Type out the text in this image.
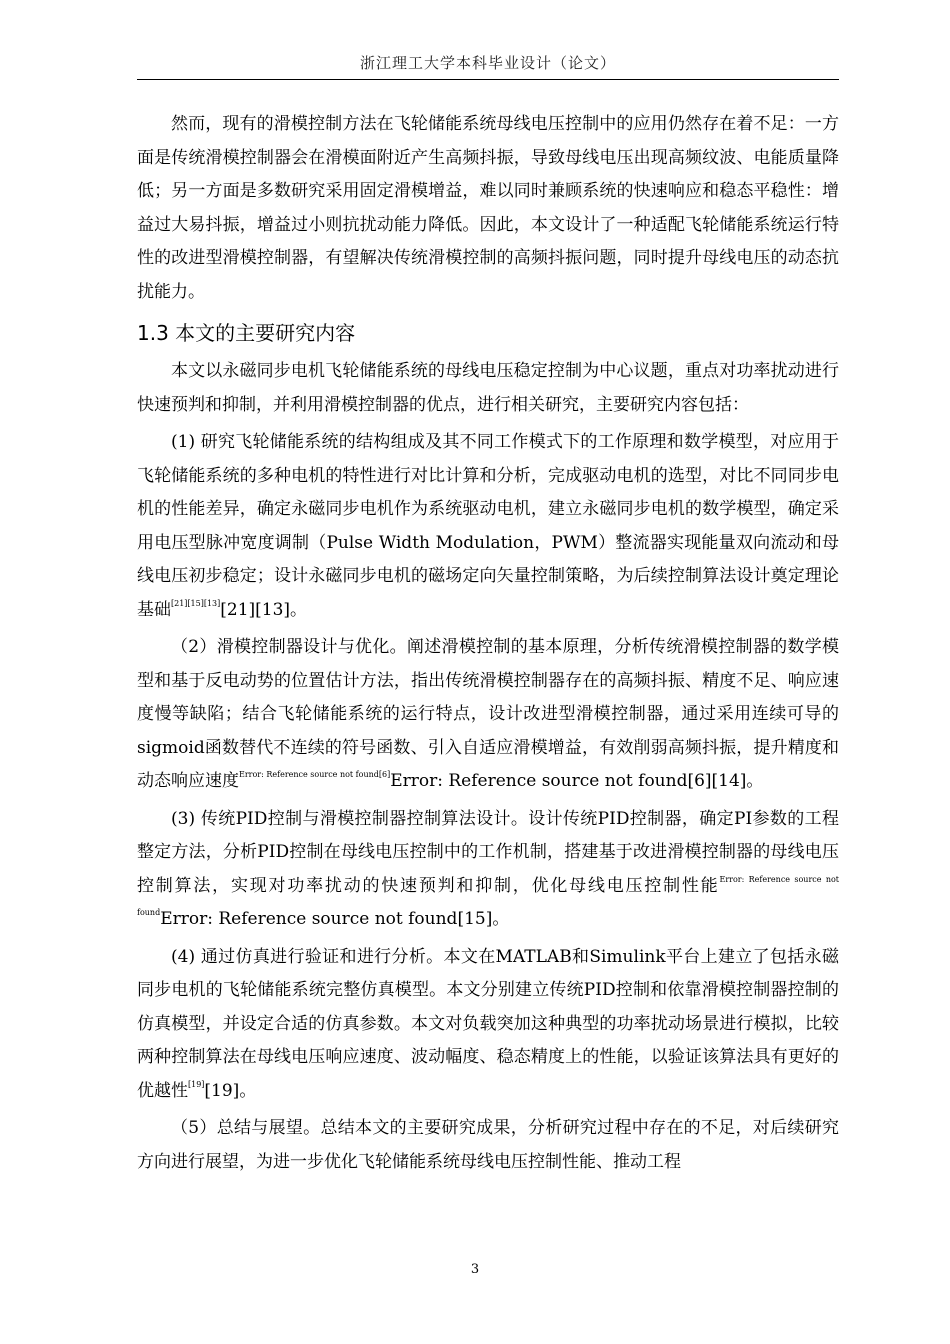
浙江理工大学本科毕业设计（论文）

然而，现有的滑模控制方法在飞轮储能系统母线电压控制中的应用仍然存在着不足：一方面是传统滑模控制器会在滑模面附近产生高频抖振，导致母线电压出现高频纹波、电能质量降低；另一方面是多数研究采用固定滑模增益，难以同时兼顾系统的快速响应和稳态平稳性：增益过大易抖振，增益过小则抗扰动能力降低。因此，本文设计了一种适配飞轮储能系统运行特性的改进型滑模控制器，有望解决传统滑模控制的高频抖振问题，同时提升母线电压的动态抗扰能力。

1.3 本文的主要研究内容

本文以永磁同步电机飞轮储能系统的母线电压稳定控制为中心议题，重点对功率扰动进行快速预判和抑制，并利用滑模控制器的优点，进行相关研究，主要研究内容包括：

(1) 研究飞轮储能系统的结构组成及其不同工作模式下的工作原理和数学模型，对应用于飞轮储能系统的多种电机的特性进行对比计算和分析，完成驱动电机的选型，对比不同同步电机的性能差异，确定永磁同步电机作为系统驱动电机，建立永磁同步电机的数学模型，确定采用电压型脉冲宽度调制（Pulse Width Modulation，PWM）整流器实现能量双向流动和母线电压初步稳定；设计永磁同步电机的磁场定向矢量控制策略，为后续控制算法设计奠定理论基础[21][15][13][21][13]。

（2）滑模控制器设计与优化。阐述滑模控制的基本原理，分析传统滑模控制器的数学模型和基于反电动势的位置估计方法，指出传统滑模控制器存在的高频抖振、精度不足、响应速度慢等缺陷；结合飞轮储能系统的运行特点，设计改进型滑模控制器，通过采用连续可导的sigmoid函数替代不连续的符号函数、引入自适应滑模增益，有效削弱高频抖振，提升精度和动态响应速度$^{Error: Reference source not found[6]}$Error: Reference source not found[6][14]。

(3) 传统PID控制与滑模控制器控制算法设计。设计传统PID控制器，确定PI参数的工程整定方法，分析PID控制在母线电压控制中的工作机制，搭建基于改进滑模控制器的母线电压控制算法，实现对功率扰动的快速预判和抑制，优化母线电压控制性能$^{Error: Reference source not found}$Error: Reference source not found[15]。

(4) 通过仿真进行验证和进行分析。本文在MATLAB和Simulink平台上建立了包括永磁同步电机的飞轮储能系统完整仿真模型。本文分别建立传统PID控制和依靠滑模控制器控制的仿真模型，并设定合适的仿真参数。本文对负载突加这种典型的功率扰动场景进行模拟，比较两种控制算法在母线电压响应速度、波动幅度、稳态精度上的性能，以验证该算法具有更好的优越性[19][19]。

（5）总结与展望。总结本文的主要研究成果，分析研究过程中存在的不足，对后续研究方向进行展望，为进一步优化飞轮储能系统母线电压控制性能、推动工程

3
